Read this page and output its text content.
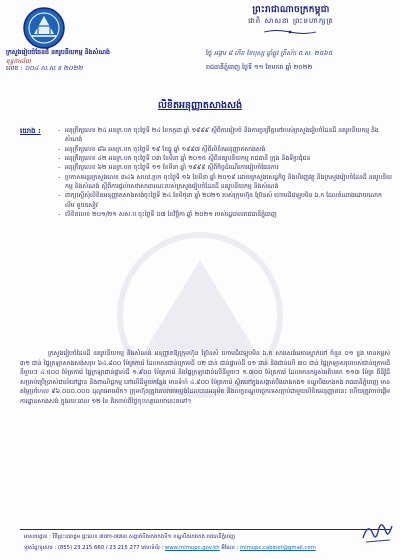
ក្រសួងរៀបចំដែនដី នគរូបនីយកម្ម និងសំណង់
ខុទ្ទកាល័យ
ព្រះរាជាណាចក្រកម្ពុជា
ជាតិ សាសនា ព្រះមហាក្សត្រ
លេខ : ០០៤ ស.ស.ន ២០២២
ថ្ងៃ អង្គារ ៨ កើត ខែបុស្ស ឆ្នាំឆ្លូវ ត្រីស័ក ព.ស. ២៥៦៥
រាជធានីភ្នំពេញ ថ្ងៃទី ១១ ខែមករា ឆ្នាំ ២០២២
លិខិតអនុញ្ញាតសាងសង់
យោង :
-	អនុក្រឹត្យលេខ ២៤ អនក្រ.បក ចុះថ្ងៃទី ២៤ ខែកក្កដា ឆ្នាំ ១៩៩៩ ស្តីពីការរៀបចំ និងការប្រព្រឹត្តទៅរបស់ក្រសួងរៀបចំដែនដី នគរូបនីយកម្ម និងសំណង់
- អនុក្រឹត្យលេខ ៨៦ អនក្រ.បក ចុះថ្ងៃទី ១៩ ខែធ្នូ ឆ្នាំ ១៩៩៧ ស្តីពីលិខិតអនុញ្ញាតសាងសង់
- អនុក្រឹត្យលេខ ៤២ អនក្រ.បក ចុះថ្ងៃទី ០៣ ខែមីនា ឆ្នាំ ២០១៥ ស្តីពីនគរូបនីយកម្ម រាជធានី ក្រុង និងទីប្រជុំជន
- អនុក្រឹត្យលេខ ៦២ អនក្រ.បក ចុះថ្ងៃទី ១១ ខែមីនា ឆ្នាំ ១៩៩៩ ស្តីពីកិច្ចដំណើរការរៀបចំផែនការ
- ប្រកាសអន្តរក្រសួងលេខ ៣៤៦ សហវ.ប្រក ចុះថ្ងៃទី ១៦ ខែមីនា ឆ្នាំ ២០១៩ ដោយក្រសួងសេដ្ឋកិច្ច និងហិរញ្ញវត្ថុ និងក្រសួងរៀបចំដែនដី នគរូបនីយកម្ម និងសំណង់ ស្តីពីការផ្តល់សេវាសាធារណៈរបស់ក្រសួងរៀបចំដែនដី នគរូបនីយកម្ម និងសំណង់
- ពាក្យស្នើសុំលិខិតអនុញ្ញាតសាងសង់ចុះថ្ងៃទី ២៤ ខែមិថុនា ឆ្នាំ ២០២១ របស់ក្រុមហ៊ុន ប្រ៊ែនស៍ ហោមដិវេឡុបមិន ឯ.ក ដែលតំណាងដោយលោក លីម គួយសៀវ
- លិខិតលេខ ២០១/២១ សស.ប ចុះថ្ងៃទី ០៧ ខែវិច្ឆិកា ឆ្នាំ ២០២១ របស់រដ្ឋបាលរាជធានីភ្នំពេញ

ក្រសួងរៀបចំដែនដី នគរូបនីយកម្ម និងសំណង់ អនុញ្ញាតឱ្យក្រុមហ៊ុន ប្រ៊ែនស៍ ហោមដិវេឡុបមិន ឯ.ក សាងសង់អគារស្នាក់នៅ ចំនួន ០១ ខ្នង មានកម្ពស់ ៣១ ជាន់ ផ្ទៃក្រឡាសាងសង់សរុប ៦៤.៨០០ ម៉ែត្រការ៉េ ដែលមានជាន់ក្រោមដី ០២ ជាន់ ជាន់ផ្ទាល់ដី ០១ ជាន់ និងជាន់លើ ៣០ ជាន់ ផ្ទៃក្រឡាសរុបរបស់ជាន់ក្រោមដីនីមួយៗ ៤.៥០០ ម៉ែត្រការ៉េ ផ្ទៃក្រឡាជាន់ផ្ទាល់ដី ១.៩០០ ម៉ែត្រការ៉េ និងផ្ទៃក្រឡាជាន់លើនីមួយៗ ១.៧០០ ម៉ែត្រការ៉េ ដែលមានកម្ពស់អតិបរមា ១១៣ ម៉ែត្រ ពីនីវ៉ូដី សម្រាប់ប្រើប្រាស់ជាលំនៅដ្ឋាន និងពាណិជ្ជកម្ម នៅលើដីមួយកន្លែង មានទំហំ ៤.៩០០ ម៉ែត្រការ៉េ ស្ថិតនៅក្នុងសង្កាត់បឹងកេងកង១ ខណ្ឌបឹងកេងកង រាជធានីភ្នំពេញ មានតម្លៃប្រហែល ៩៦.០០០.០០០ ដុល្លារអាមេរិក។ ក្រុមហ៊ុនត្រូវគោរពតាមប្លង់ដែលបានអនុម័ត និងលក្ខខណ្ឌបច្ចេកទេសភ្ជាប់ជាមួយលិខិតអនុញ្ញាតនេះ ហើយត្រូវចាប់ផ្តើមការដ្ឋានសាងសង់ ក្នុងរយៈពេល ១២ ខែ គិតចាប់ពីថ្ងៃចុះហត្ថលេខានេះតទៅ។

អាសយដ្ឋាន : វិថីព្រះនរោត្តម ផ្ទះលេខ ៧៧១-៧៧៣ សង្កាត់បឹងកេងកងទី១ ខណ្ឌបឹងកេងកង រាជធានីភ្នំពេញ
ទូរស័ព្ទ/ទូរសារ : (855) 23 215 660 / 23 215 277 គេហទំព័រ : www.mlmupc.gov.kh អ៊ីមែល : mlmupc.cabinet@gmail.com
